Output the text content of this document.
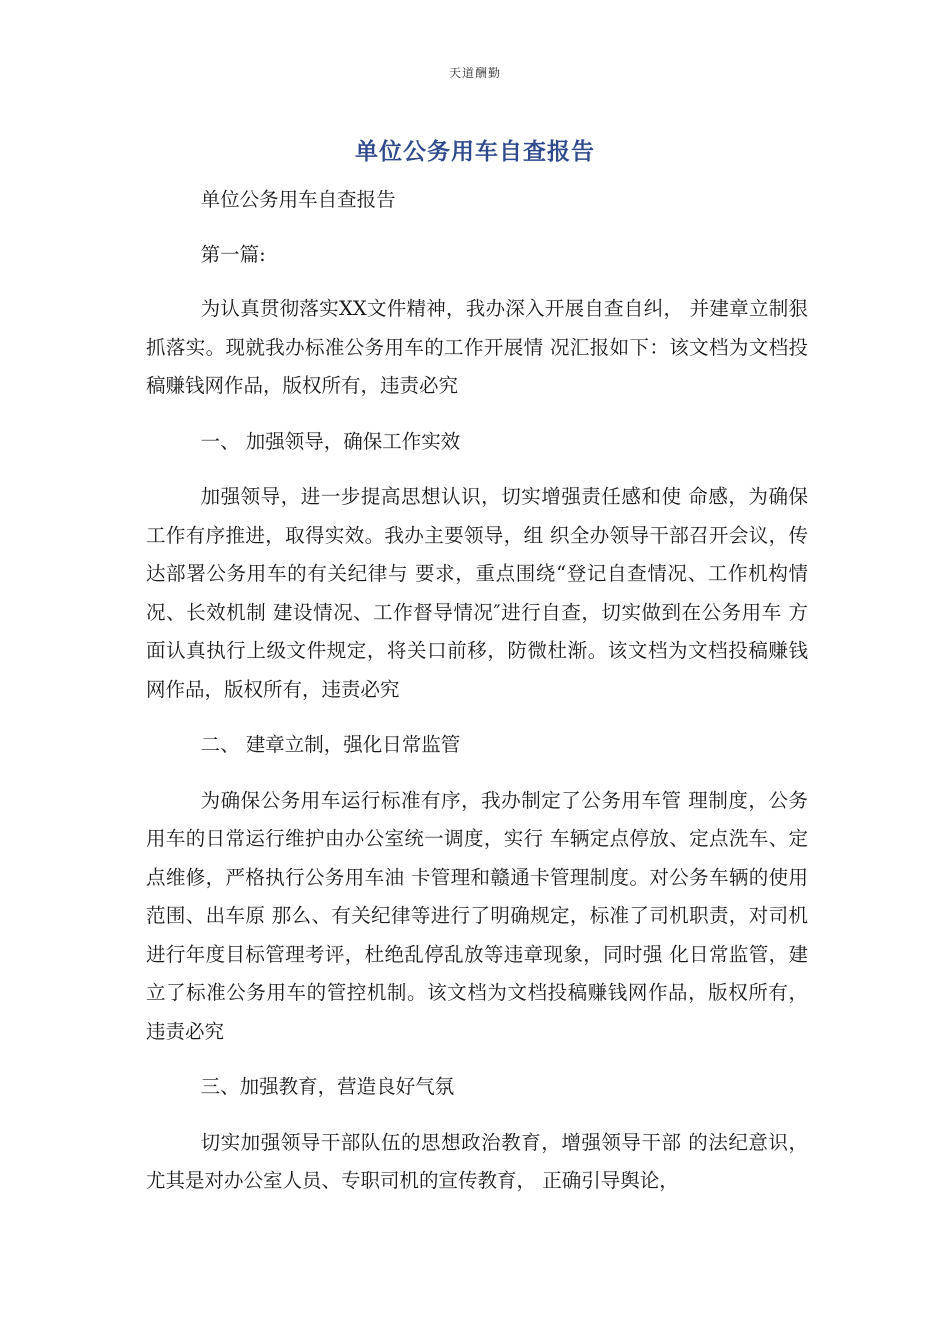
天道酬勤
单位公务用车自查报告

单位公务用车自查报告

第一篇:

为认真贯彻落实XX文件精神，我办深入开展自查自纠， 并建章立制狠抓落实。现就我办标准公务用车的工作开展情 况汇报如下：该文档为文档投稿赚钱网作品，版权所有，违责必究

一、 加强领导，确保工作实效

加强领导，进一步提高思想认识，切实增强责任感和使 命感，为确保工作有序推进，取得实效。我办主要领导，组 织全办领导干部召开会议，传达部署公务用车的有关纪律与 要求，重点围绕“登记自查情况、工作机构情况、长效机制 建设情况、工作督导情况″进行自查，切实做到在公务用车 方面认真执行上级文件规定，将关口前移，防微杜渐。该文档为文档投稿赚钱网作品，版权所有，违责必究

二、 建章立制，强化日常监管

为确保公务用车运行标准有序，我办制定了公务用车管 理制度，公务用车的日常运行维护由办公室统一调度，实行 车辆定点停放、定点洗车、定点维修，严格执行公务用车油 卡管理和赣通卡管理制度。对公务车辆的使用范围、出车原 那么、有关纪律等进行了明确规定，标准了司机职责，对司机 进行年度目标管理考评，杜绝乱停乱放等违章现象，同时强 化日常监管，建立了标准公务用车的管控机制。该文档为文档投稿赚钱网作品，版权所有，违责必究

三、加强教育，营造良好气氛

切实加强领导干部队伍的思想政治教育，增强领导干部 的法纪意识，尤其是对办公室人员、专职司机的宣传教育， 正确引导舆论，
